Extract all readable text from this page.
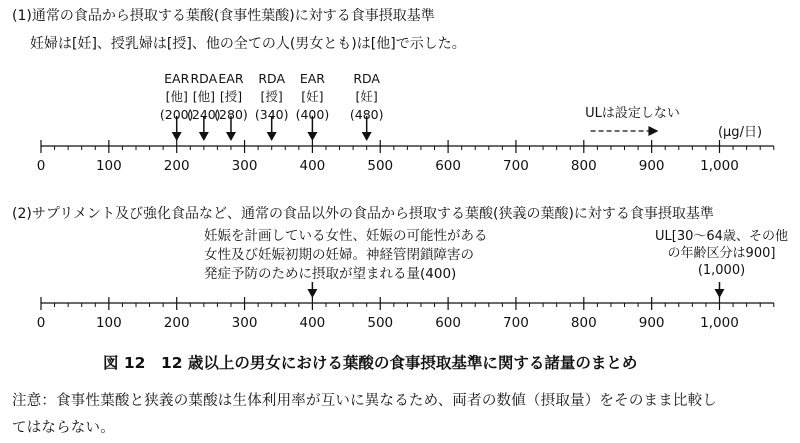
(1)通常の食品から摂取する葉酸(食事性葉酸)に対する食事摂取基準
妊婦は[妊]、授乳婦は[授]、他の全ての人(男女とも)は[他]で示した。
(2)サプリメント及び強化食品など、通常の食品以外の食品から摂取する葉酸(狭義の葉酸)に対する食事摂取基準
図 12　12 歳以上の男女における葉酸の食事摂取基準に関する諸量のまとめ
注意：食事性葉酸と狭義の葉酸は生体利用率が互いに異なるため、両者の数値（摂取量）をそのまま比較し
てはならない。
0	100	200	300	400	500	600	700	800	900	1,000
EAR
[他]
(200)
RDA
[他]
(240)
EAR
[授]
(280)
RDA
[授]
(340)
EAR
[妊]
(400)
RDA
[妊]
(480)	ULは設定しない
(μg/日)
0	100	200	300	400	500	600	700	800	900	1,000
妊娠を計画している女性、妊娠の可能性がある
女性及び妊娠初期の妊婦。神経管閉鎖障害の
発症予防のために摂取が望まれる量(400)
UL[30〜64歳、その他
の年齢区分は900]
(1,000)
